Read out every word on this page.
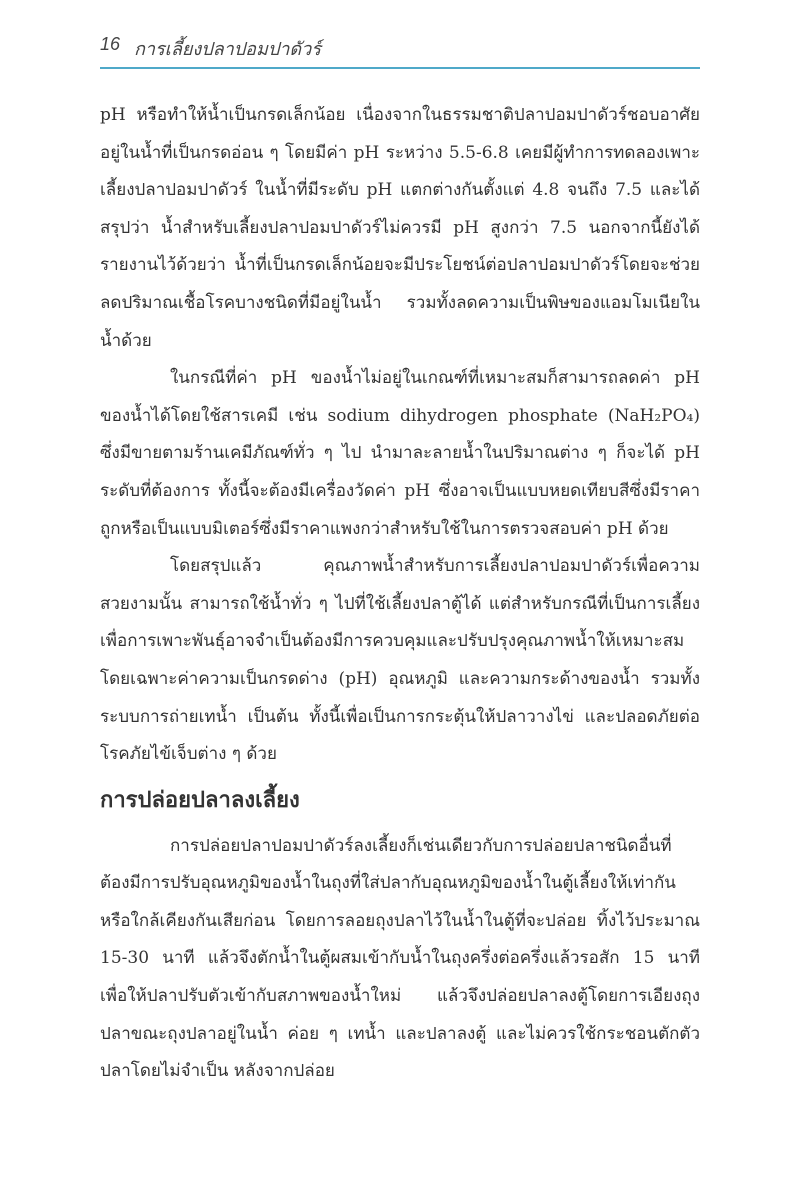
16 การเลี้ยงปลาปอมปาดัวร์

pH หรือทำให้น้ำเป็นกรดเล็กน้อย เนื่องจากในธรรมชาติปลาปอมปาดัวร์ชอบอาศัยอยู่ในน้ำที่เป็นกรดอ่อน ๆ โดยมีค่า pH ระหว่าง 5.5-6.8 เคยมีผู้ทำการทดลองเพาะเลี้ยงปลาปอมปาดัวร์ ในน้ำที่มีระดับ pH แตกต่างกันตั้งแต่ 4.8 จนถึง 7.5 และได้สรุปว่า น้ำสำหรับเลี้ยงปลาปอมปาดัวร์ไม่ควรมี pH สูงกว่า 7.5 นอกจากนี้ยังได้รายงานไว้ด้วยว่า น้ำที่เป็นกรดเล็กน้อยจะมีประโยชน์ต่อปลาปอมปาดัวร์โดยจะช่วยลดปริมาณเชื้อโรคบางชนิดที่มีอยู่ในน้ำ รวมทั้งลดความเป็นพิษของแอมโมเนียในน้ำด้วย

ในกรณีที่ค่า pH ของน้ำไม่อยู่ในเกณฑ์ที่เหมาะสมก็สามารถลดค่า pH ของน้ำได้โดยใช้สารเคมี เช่น sodium dihydrogen phosphate (NaH₂PO₄) ซึ่งมีขายตามร้านเคมีภัณฑ์ทั่ว ๆ ไป นำมาละลายน้ำในปริมาณต่าง ๆ ก็จะได้ pH ระดับที่ต้องการ ทั้งนี้จะต้องมีเครื่องวัดค่า pH ซึ่งอาจเป็นแบบหยดเทียบสีซึ่งมีราคาถูกหรือเป็นแบบมิเตอร์ซึ่งมีราคาแพงกว่าสำหรับใช้ในการตรวจสอบค่า pH ด้วย

โดยสรุปแล้ว คุณภาพน้ำสำหรับการเลี้ยงปลาปอมปาดัวร์เพื่อความสวยงามนั้น สามารถใช้น้ำทั่ว ๆ ไปที่ใช้เลี้ยงปลาตู้ได้ แต่สำหรับกรณีที่เป็นการเลี้ยงเพื่อการเพาะพันธุ์อาจจำเป็นต้องมีการควบคุมและปรับปรุงคุณภาพน้ำให้เหมาะสมโดยเฉพาะค่าความเป็นกรดด่าง (pH) อุณหภูมิ และความกระด้างของน้ำ รวมทั้งระบบการถ่ายเทน้ำ เป็นต้น ทั้งนี้เพื่อเป็นการกระตุ้นให้ปลาวางไข่ และปลอดภัยต่อโรคภัยไข้เจ็บต่าง ๆ ด้วย

การปล่อยปลาลงเลี้ยง

การปล่อยปลาปอมปาดัวร์ลงเลี้ยงก็เช่นเดียวกับการปล่อยปลาชนิดอื่นที่ต้องมีการปรับอุณหภูมิของน้ำในถุงที่ใส่ปลากับอุณหภูมิของน้ำในตู้เลี้ยงให้เท่ากันหรือใกล้เคียงกันเสียก่อน โดยการลอยถุงปลาไว้ในน้ำในตู้ที่จะปล่อย ทิ้งไว้ประมาณ 15-30 นาที แล้วจึงตักน้ำในตู้ผสมเข้ากับน้ำในถุงครึ่งต่อครึ่งแล้วรอสัก 15 นาที เพื่อให้ปลาปรับตัวเข้ากับสภาพของน้ำใหม่ แล้วจึงปล่อยปลาลงตู้โดยการเอียงถุงปลาขณะถุงปลาอยู่ในน้ำ ค่อย ๆ เทน้ำ และปลาลงตู้ และไม่ควรใช้กระชอนตักตัวปลาโดยไม่จำเป็น หลังจากปล่อย
